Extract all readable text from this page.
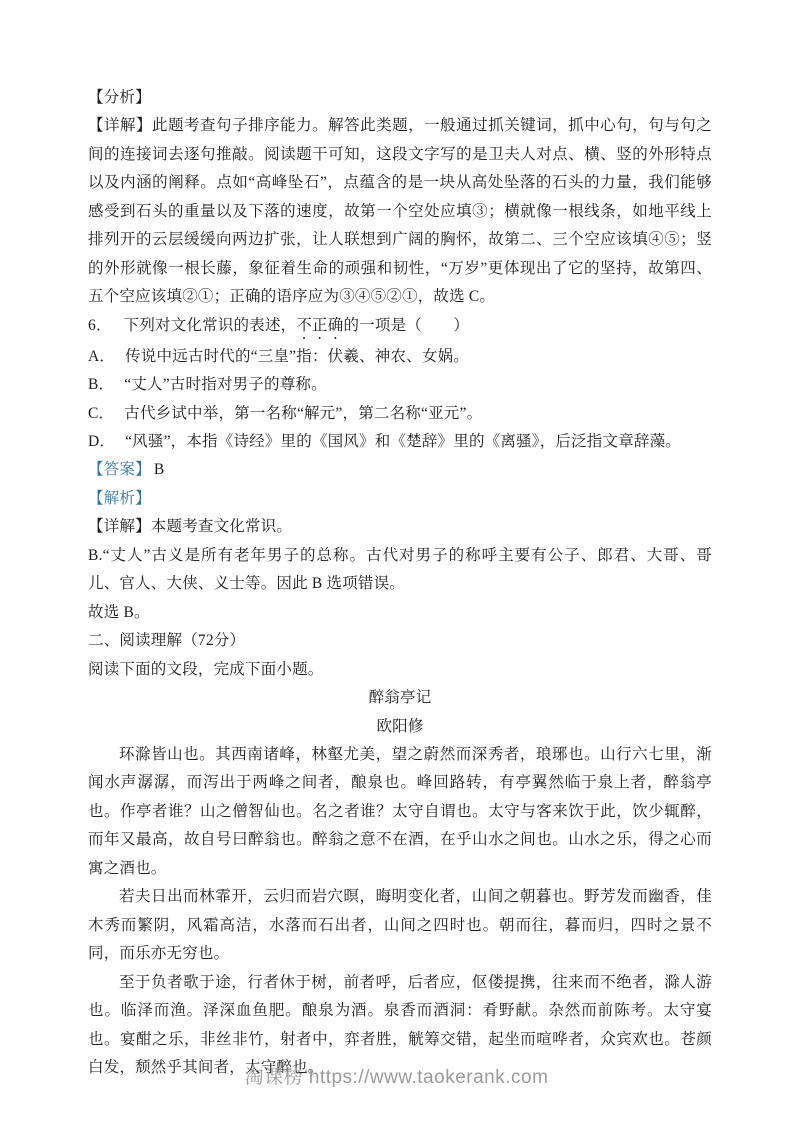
【分析】

【详解】此题考查句子排序能力。解答此类题，一般通过抓关键词，抓中心句，句与句之间的连接词去逐句推敲。阅读题干可知，这段文字写的是卫夫人对点、横、竖的外形特点以及内涵的阐释。点如“高峰坠石”，点蕴含的是一块从高处坠落的石头的力量，我们能够感受到石头的重量以及下落的速度，故第一个空处应填③；横就像一根线条，如地平线上排列开的云层缓缓向两边扩张，让人联想到广阔的胸怀，故第二、三个空应该填④⑤；竖的外形就像一根长藤，象征着生命的顽强和韧性，“万岁”更体现出了它的坚持，故第四、五个空应该填②①；正确的语序应为③④⑤②①，故选 C。

6． 下列对文化常识的表述，不正确的一项是（　　）

A． 传说中远古时代的“三皇”指：伏羲、神农、女娲。

B． “丈人”古时指对男子的尊称。

C． 古代乡试中举，第一名称“解元”，第二名称“亚元”。

D． “风骚”，本指《诗经》里的《国风》和《楚辞》里的《离骚》，后泛指文章辞藻。

【答案】 B

【解析】

【详解】本题考查文化常识。

B.“丈人”古义是所有老年男子的总称。古代对男子的称呼主要有公子、郎君、大哥、哥儿、官人、大侠、义士等。因此 B 选项错误。

故选 B。

二、阅读理解（72分）

阅读下面的文段，完成下面小题。

醉翁亭记

欧阳修

环滁皆山也。其西南诸峰，林壑尤美，望之蔚然而深秀者，琅琊也。山行六七里，渐闻水声潺潺，而泻出于两峰之间者，酿泉也。峰回路转，有亭翼然临于泉上者，醉翁亭也。作亭者谁？山之僧智仙也。名之者谁？太守自谓也。太守与客来饮于此，饮少辄醉，而年又最高，故自号曰醉翁也。醉翁之意不在酒，在乎山水之间也。山水之乐，得之心而寓之酒也。

若夫日出而林霏开，云归而岩穴暝，晦明变化者，山间之朝暮也。野芳发而幽香，佳木秀而繁阴，风霜高洁，水落而石出者，山间之四时也。朝而往，暮而归，四时之景不同，而乐亦无穷也。

至于负者歌于途，行者休于树，前者呼，后者应，伛偻提携，往来而不绝者，滁人游也。临泽而渔。泽深血鱼肥。酿泉为酒。泉香而酒洞：肴野献。杂然而前陈考。太守宴也。宴酣之乐，非丝非竹，射者中，弈者胜，觥筹交错，起坐而喧哗者，众宾欢也。苍颜白发，颓然乎其间者，太守醉也。

淘课榜 https://www.taokerank.com
